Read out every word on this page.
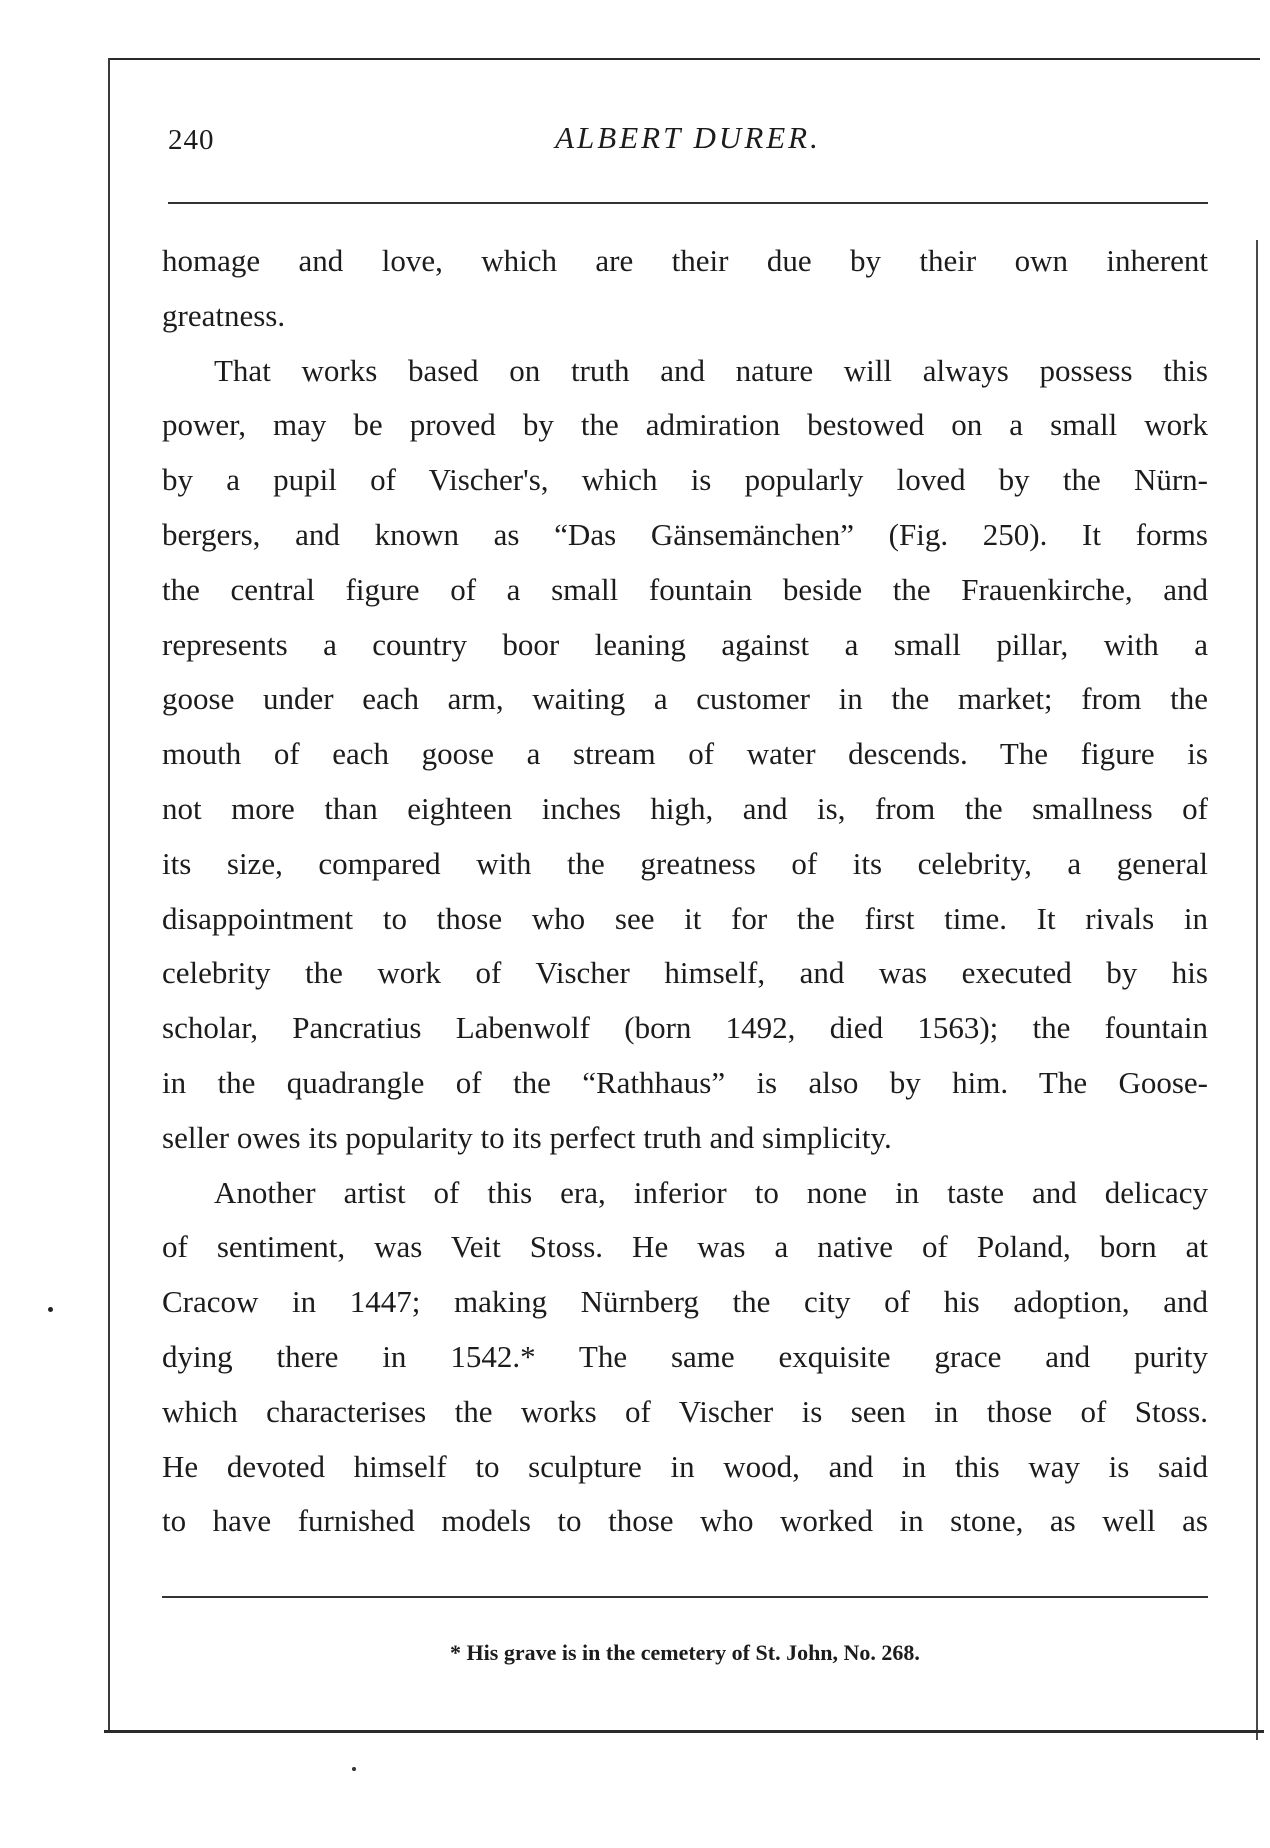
ALBERT DURER.
240
homage and love, which are their due by their own inherent
greatness.
That works based on truth and nature will always possess this
power, may be proved by the admiration bestowed on a small work
by a pupil of Vischer's, which is popularly loved by the Nürn-
bergers, and known as “Das Gänsemänchen” (Fig. 250). It forms
the central figure of a small fountain beside the Frauenkirche, and
represents a country boor leaning against a small pillar, with a
goose under each arm, waiting a customer in the market; from the
mouth of each goose a stream of water descends. The figure is
not more than eighteen inches high, and is, from the smallness of
its size, compared with the greatness of its celebrity, a general
disappointment to those who see it for the first time. It rivals in
celebrity the work of Vischer himself, and was executed by his
scholar, Pancratius Labenwolf (born 1492, died 1563); the fountain
in the quadrangle of the “Rathhaus” is also by him. The Goose-
seller owes its popularity to its perfect truth and simplicity.
Another artist of this era, inferior to none in taste and delicacy
of sentiment, was Veit Stoss. He was a native of Poland, born at
Cracow in 1447; making Nürnberg the city of his adoption, and
dying there in 1542.* The same exquisite grace and purity
which characterises the works of Vischer is seen in those of Stoss.
He devoted himself to sculpture in wood, and in this way is said
to have furnished models to those who worked in stone, as well as
* His grave is in the cemetery of St. John, No. 268.
